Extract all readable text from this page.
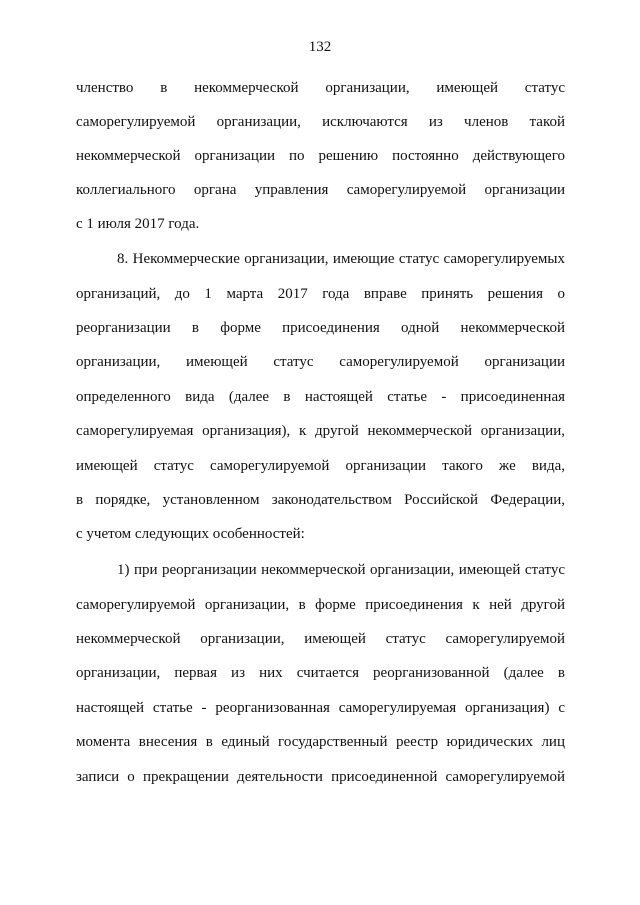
132
членство в некоммерческой организации, имеющей статус
саморегулируемой организации, исключаются из членов такой
некоммерческой организации по решению постоянно действующего
коллегиального органа управления саморегулируемой организации
с 1 июля 2017 года.
8. Некоммерческие организации, имеющие статус саморегулируемых
организаций, до 1 марта 2017 года вправе принять решения о
реорганизации в форме присоединения одной некоммерческой
организации, имеющей статус саморегулируемой организации
определенного вида (далее в настоящей статье - присоединенная
саморегулируемая организация), к другой некоммерческой организации,
имеющей статус саморегулируемой организации такого же вида,
в порядке, установленном законодательством Российской Федерации,
с учетом следующих особенностей:
1) при реорганизации некоммерческой организации, имеющей статус
саморегулируемой организации, в форме присоединения к ней другой
некоммерческой организации, имеющей статус саморегулируемой
организации, первая из них считается реорганизованной (далее в
настоящей статье - реорганизованная саморегулируемая организация) с
момента внесения в единый государственный реестр юридических лиц
записи о прекращении деятельности присоединенной саморегулируемой
